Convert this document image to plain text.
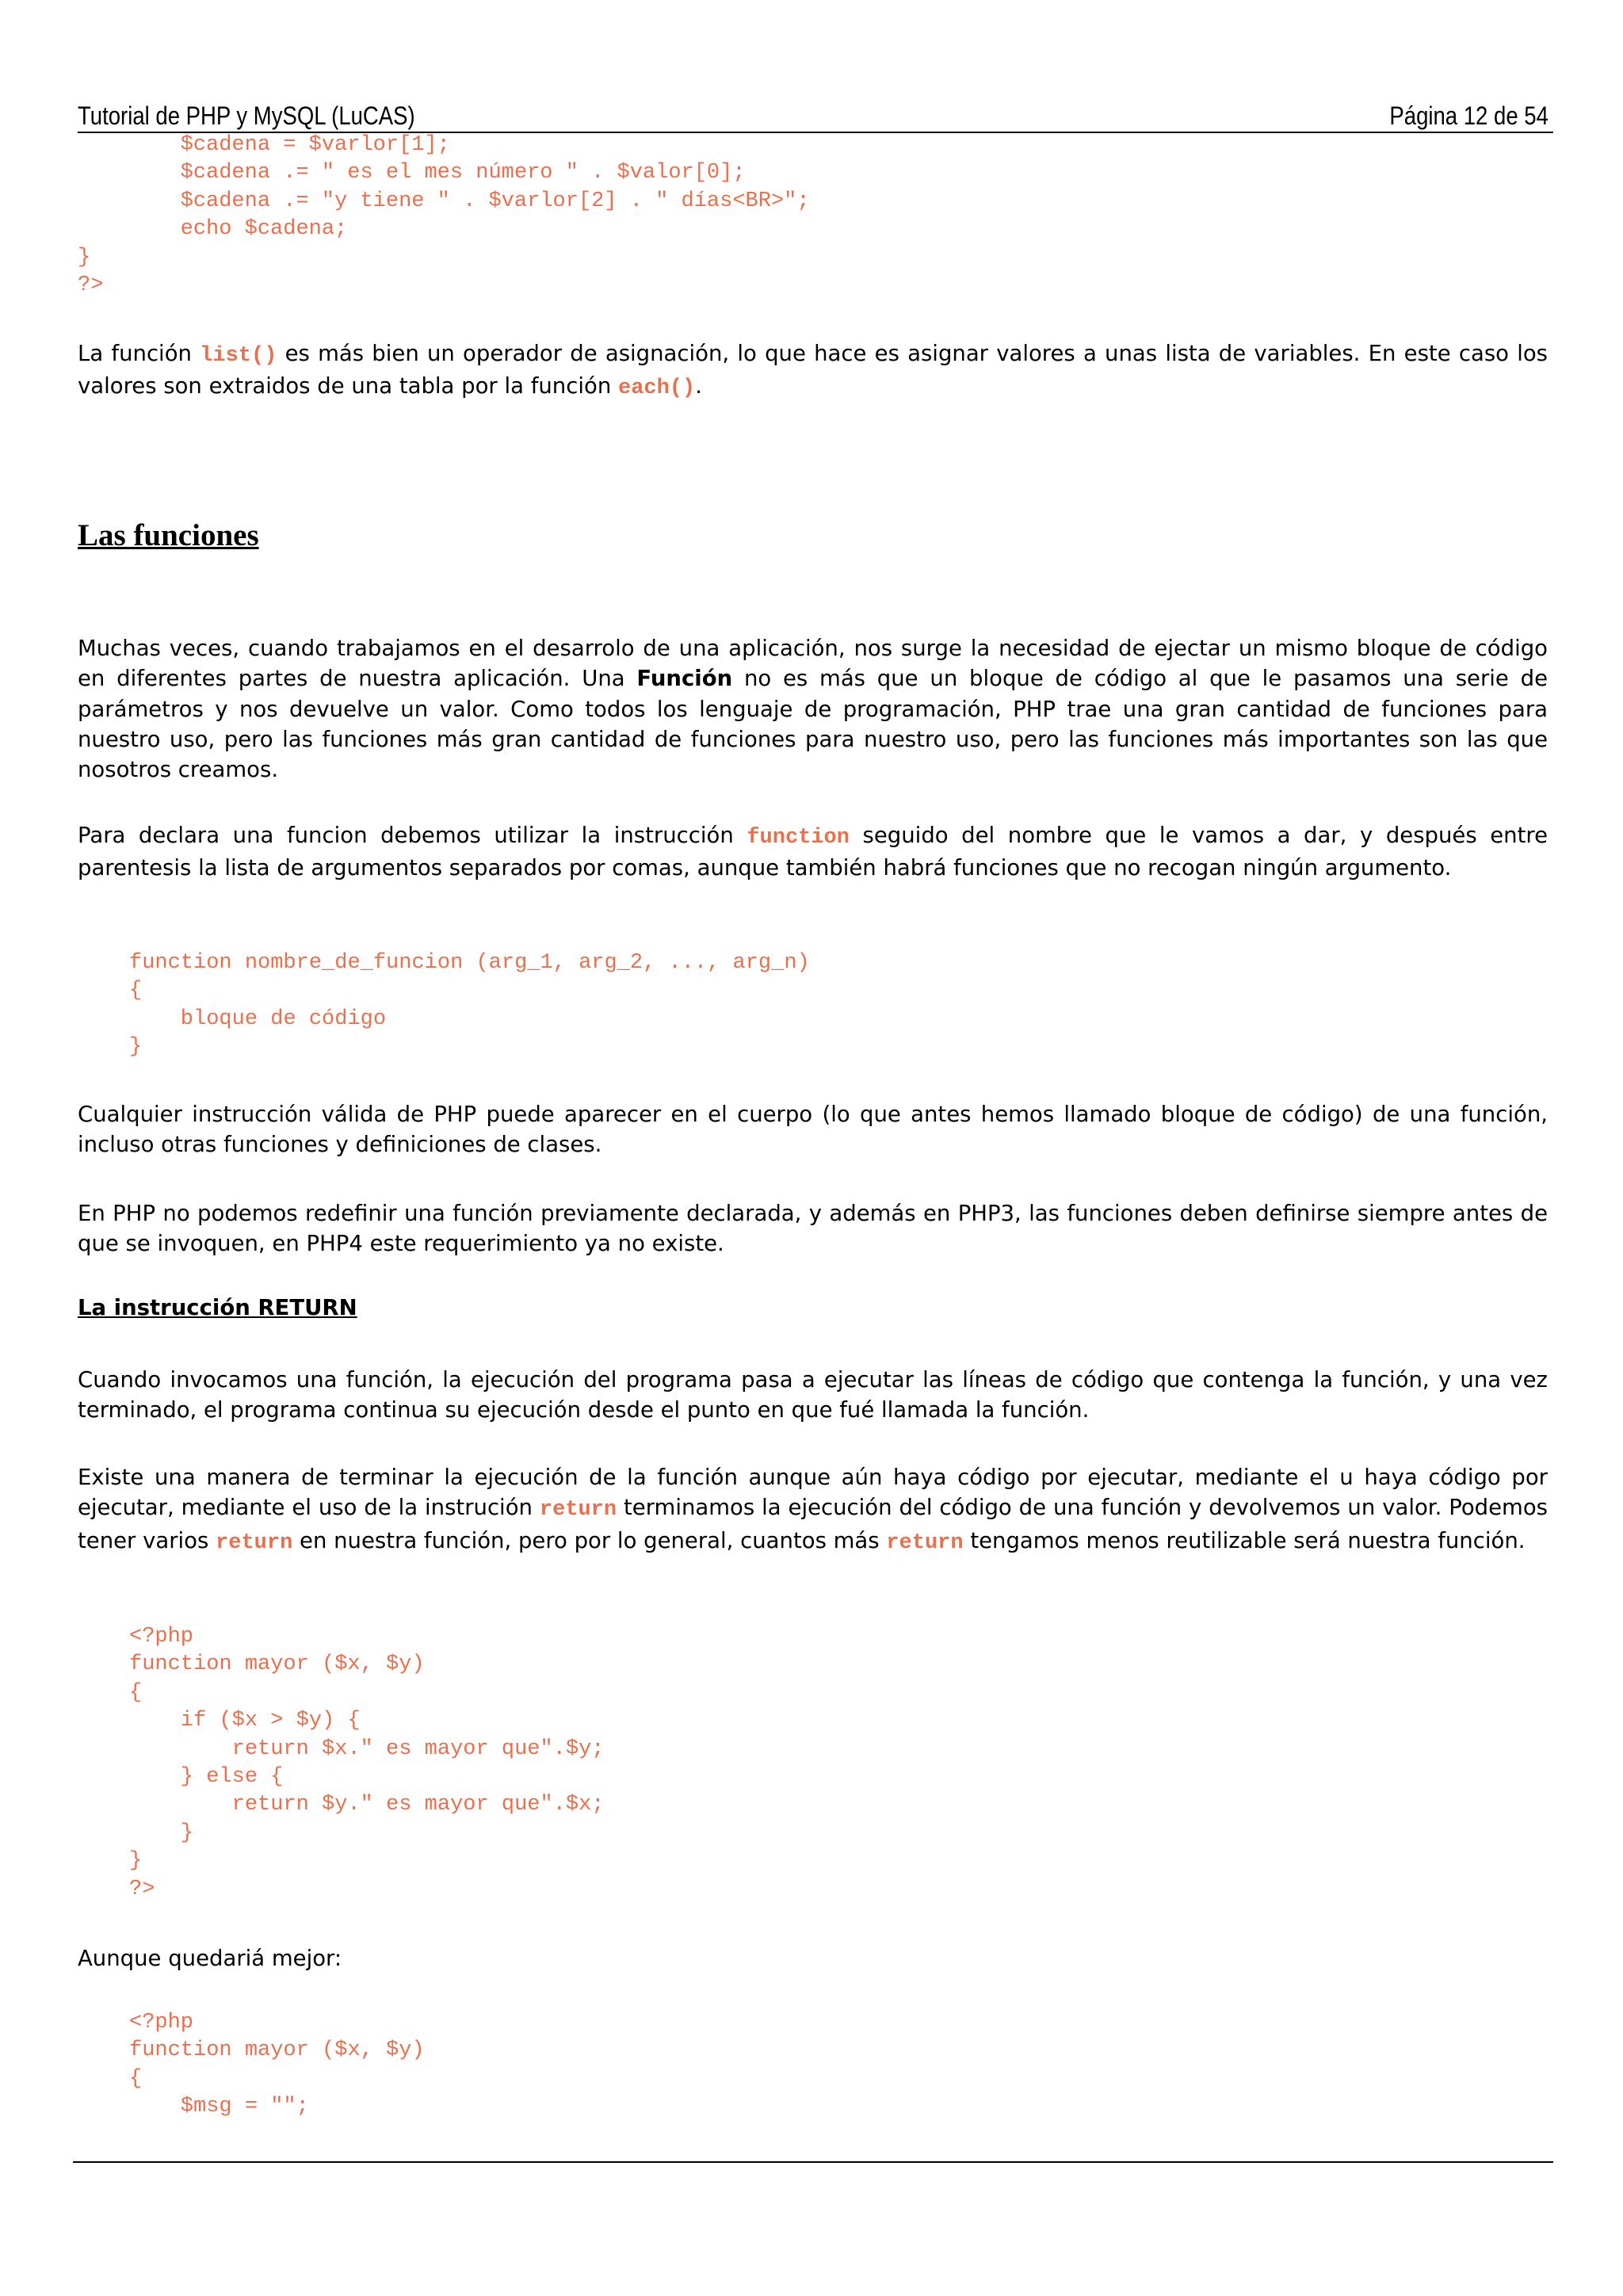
Tutorial de PHP y MySQL (LuCAS)	Página 12 de 54
$cadena = $varlor[1];
$cadena .= " es el mes número " . $valor[0];
$cadena .= "y tiene " . $varlor[2] . " días<BR>";
echo $cadena;
}
?>

La función list() es más bien un operador de asignación, lo que hace es asignar valores a unas lista de variables. En este caso los valores son extraidos de una tabla por la función each().

Las funciones

Muchas veces, cuando trabajamos en el desarrolo de una aplicación, nos surge la necesidad de ejectar un mismo bloque de código en diferentes partes de nuestra aplicación. Una Función no es más que un bloque de código al que le pasamos una serie de parámetros y nos devuelve un valor. Como todos los lenguaje de programación, PHP trae una gran cantidad de funciones para nuestro uso, pero las funciones más gran cantidad de funciones para nuestro uso, pero las funciones más importantes son las que nosotros creamos.

Para declara una funcion debemos utilizar la instrucción function seguido del nombre que le vamos a dar, y después entre parentesis la lista de argumentos separados por comas, aunque también habrá funciones que no recogan ningún argumento.

function nombre_de_funcion (arg_1, arg_2, ..., arg_n)
{
bloque de código
}

Cualquier instrucción válida de PHP puede aparecer en el cuerpo (lo que antes hemos llamado bloque de código) de una función, incluso otras funciones y definiciones de clases.

En PHP no podemos redefinir una función previamente declarada, y además en PHP3, las funciones deben definirse siempre antes de que se invoquen, en PHP4 este requerimiento ya no existe.

La instrucción RETURN

Cuando invocamos una función, la ejecución del programa pasa a ejecutar las líneas de código que contenga la función, y una vez terminado, el programa continua su ejecución desde el punto en que fué llamada la función.

Existe una manera de terminar la ejecución de la función aunque aún haya código por ejecutar, mediante el u haya código por ejecutar, mediante el uso de la instrución return terminamos la ejecución del código de una función y devolvemos un valor. Podemos tener varios return en nuestra función, pero por lo general, cuantos más return tengamos menos reutilizable será nuestra función.

<?php
function mayor ($x, $y)
{
if ($x > $y) {
return $x." es mayor que".$y;
} else {
return $y." es mayor que".$x;
}
}
?>

Aunque quedariá mejor:

<?php
function mayor ($x, $y)
{
$msg = "";
